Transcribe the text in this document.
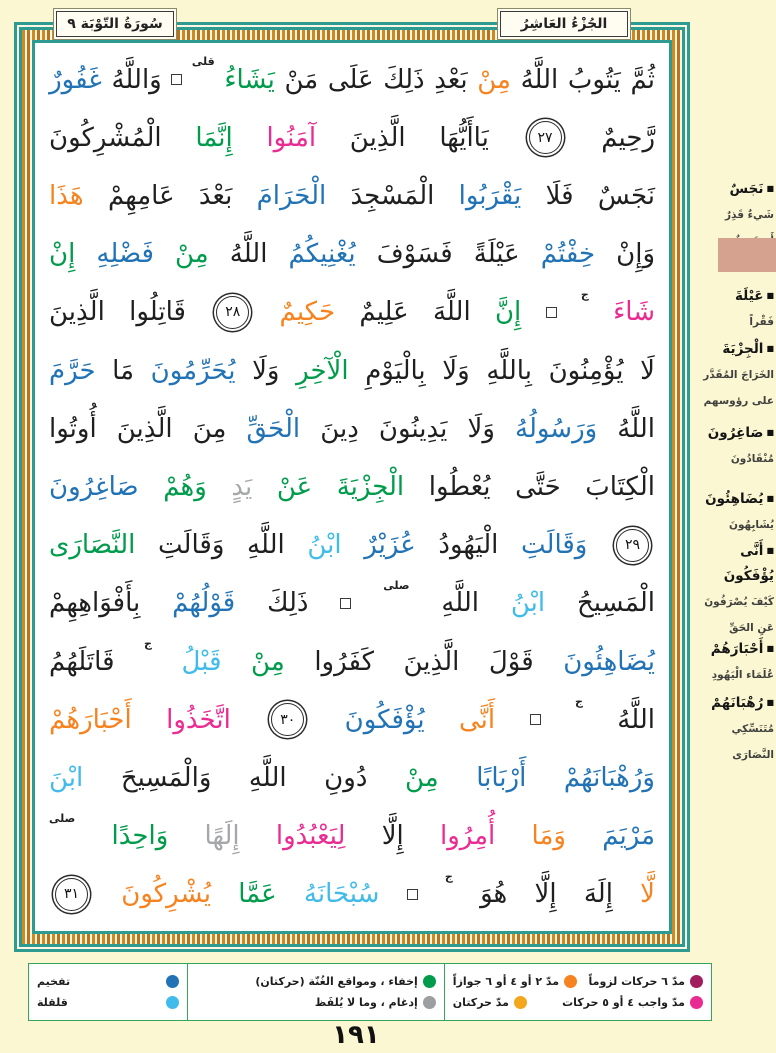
سُورَةُ التّوْبَة ٩	الجُزْءُ العَاشِرُ
ثُمَّ
يَتُوبُ
اللَّهُ
مِنْ
بَعْدِ
ذَلِكَ
عَلَى
مَنْ
يَشَاءُ
قلى
وَاللَّهُ
غَفُورٌ
رَّحِيمٌ
٢٧
يَاأَيُّهَا
الَّذِينَ
آمَنُوا
إِنَّمَا
الْمُشْرِكُونَ
نَجَسٌ
فَلَا
يَقْرَبُوا
الْمَسْجِدَ
الْحَرَامَ
بَعْدَ
عَامِهِمْ
هَذَا
وَإِنْ
خِفْتُمْ
عَيْلَةً
فَسَوْفَ
يُغْنِيكُمُ
اللَّهُ
مِنْ
فَضْلِهِ
إِنْ
شَاءَ
ج
إِنَّ
اللَّهَ
عَلِيمٌ
حَكِيمٌ
٢٨
قَاتِلُوا
الَّذِينَ
لَا
يُؤْمِنُونَ
بِاللَّهِ
وَلَا
بِالْيَوْمِ
الْآخِرِ
وَلَا
يُحَرِّمُونَ
مَا
حَرَّمَ
اللَّهُ
وَرَسُولُهُ
وَلَا
يَدِينُونَ
دِينَ
الْحَقِّ
مِنَ
الَّذِينَ
أُوتُوا
الْكِتَابَ
حَتَّى
يُعْطُوا
الْجِزْيَةَ
عَنْ
يَدٍ
وَهُمْ
صَاغِرُونَ
٢٩
وَقَالَتِ
الْيَهُودُ
عُزَيْرٌ
ابْنُ
اللَّهِ
وَقَالَتِ
النَّصَارَى
الْمَسِيحُ
ابْنُ
اللَّهِ
صلى
ذَلِكَ
قَوْلُهُمْ
بِأَفْوَاهِهِمْ
يُضَاهِئُونَ
قَوْلَ
الَّذِينَ
كَفَرُوا
مِنْ
قَبْلُ
ج
قَاتَلَهُمُ
اللَّهُ
ج
أَنَّى
يُؤْفَكُونَ
٣٠
اتَّخَذُوا
أَحْبَارَهُمْ
وَرُهْبَانَهُمْ
أَرْبَابًا
مِنْ
دُونِ
اللَّهِ
وَالْمَسِيحَ
ابْنَ
مَرْيَمَ
وَمَا
أُمِرُوا
إِلَّا
لِيَعْبُدُوا
إِلَهًا
وَاحِدًا
صلى
لَّا
إِلَهَ
إِلَّا
هُوَ
ج
سُبْحَانَهُ
عَمَّا
يُشْرِكُونَ
٣١
■نَجَسٌ
شَيءٌ قَذِرٌ
■عَيْلَةَ
فَقْراً
■الْجِزْيَةَ
الخَرَاجَ المُقَدَّر
على رؤوسهم
■صَاغِرُونَ
مُنْقَادُونَ
■يُضَاهِئُونَ
يُشَابِهُونَ
■أَنَّى يُؤْفَكُونَ
كَيْفَ يُصْرَفُونَ
عَنِ الحَقِّ
■أَحْبَارَهُمْ
عُلَمَاء الْيَهُودِ
■رُهْبَانَهُمْ
مُتَنَسِّكِي
النَّصَارَى
مدّ ٦ حركات لزوماً
مدّ ٢ أو ٤ أو ٦ جوازاً
مدّ واجب ٤ أو ٥ حركات
مدّ حركتان
إخفاء ، ومواقع الغُنّة (حركتان)
إدغام ، وما لا يُلفَظ
تفخيم
قلقلة
١٩١
